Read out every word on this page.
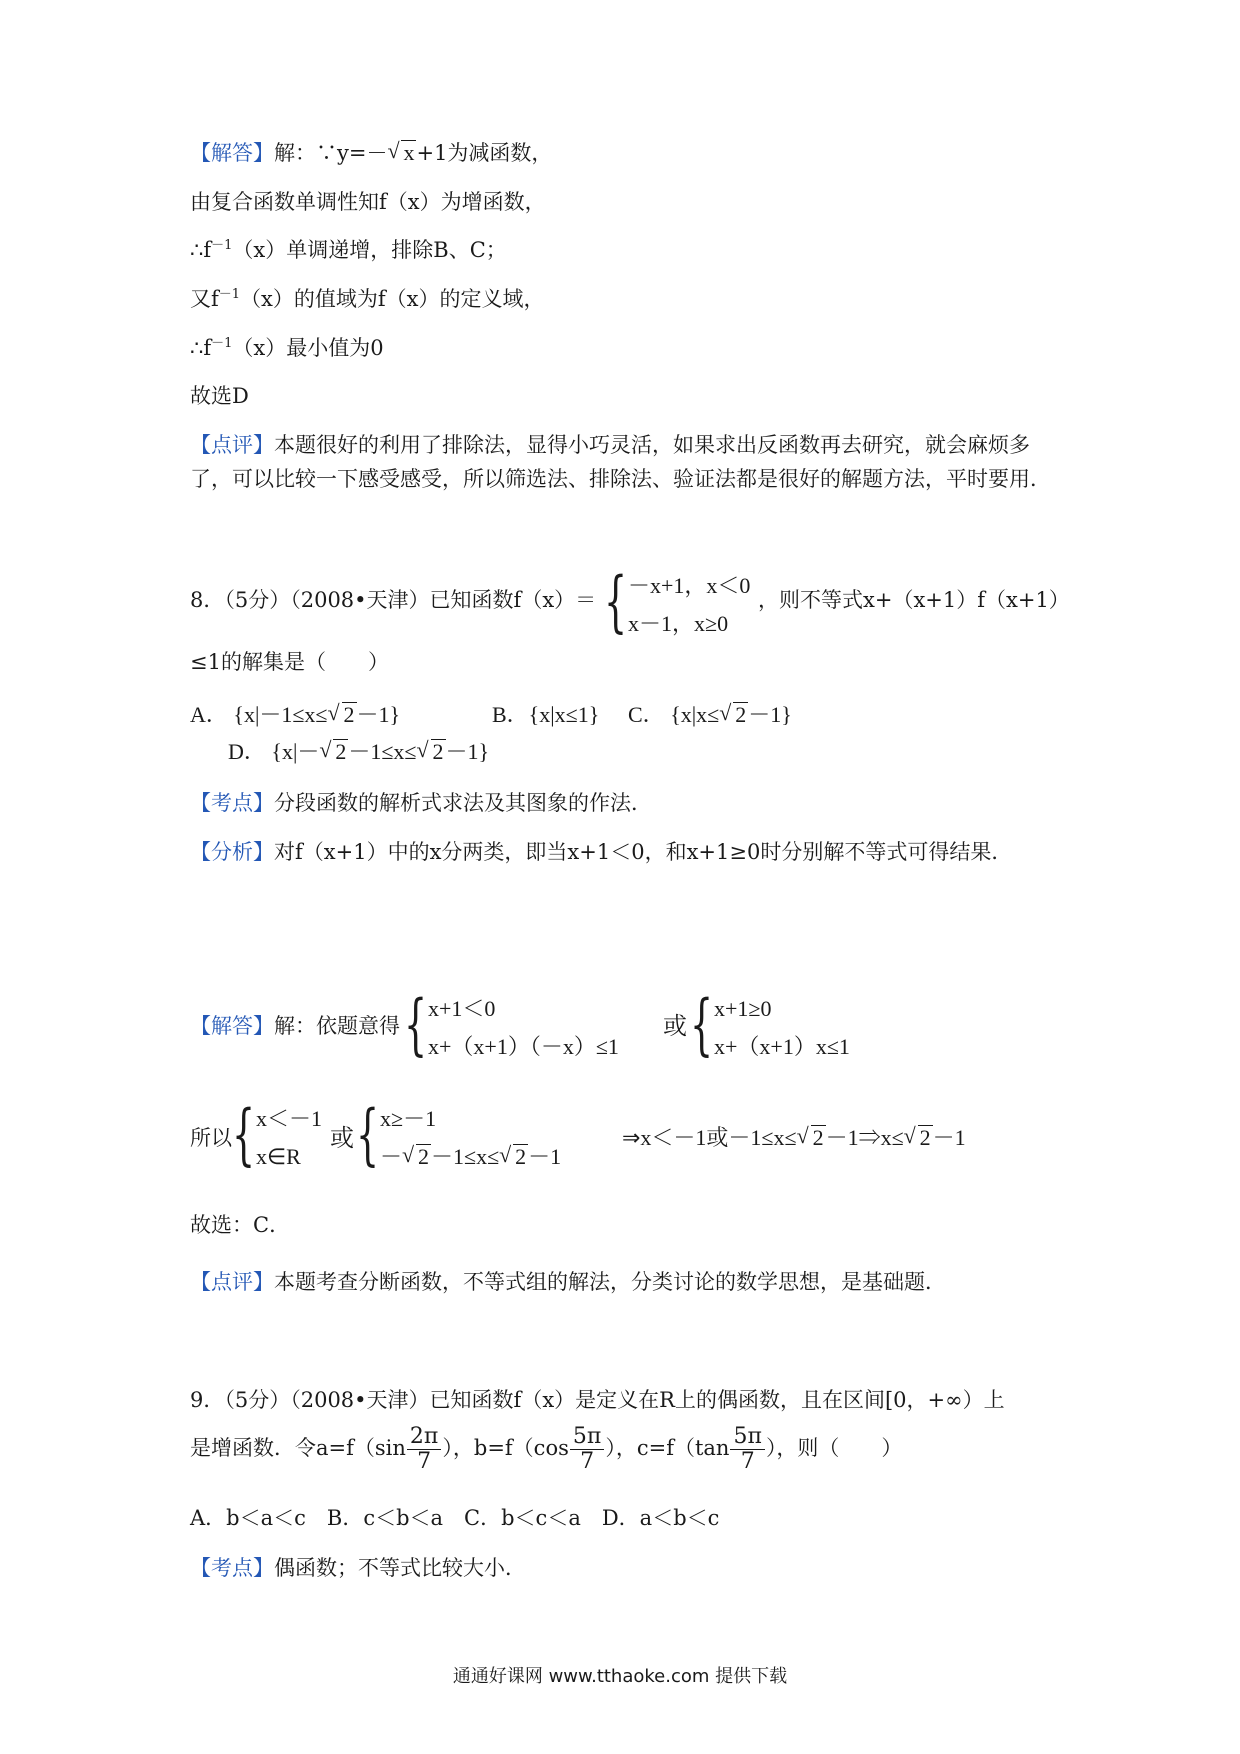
【解答】解：∵y=－ √ x+1为减函数，
由复合函数单调性知f（x）为增函数，
$\therefore f^{-1}(x)$单调递增，排除B、C；
又$f^{-1}(x)$的值域为f（x）的定义域，
$\therefore f^{-1}(x)$最小值为0
故选D
【点评】本题很好的利用了排除法，显得小巧灵活，如果求出反函数再去研究，就会麻烦多
了，可以比较一下感受感受，所以筛选法、排除法、验证法都是很好的解题方法，平时要用．
8．（5分）（2008•天津）已知函数f（x）＝ { －x+1，x＜0
x－1，x≥0
，则不等式x+（x+1）f（x+1）
≤1的解集是（　　）
A． {x|－1≤x≤ √ 2－1}	B．{x|x≤1} C． {x|x≤ √ 2－1}
D． {x|－ √ 2－1≤x≤ √ 2－1}
【考点】分段函数的解析式求法及其图象的作法．
【分析】对f（x+1）中的x分两类，即当x+1＜0，和x+1≥0时分别解不等式可得结果．
【解答】解：依题意得 { x+1＜0
x+（x+1）（－x）≤1
或 { x+1≥0
x+（x+1）x≤1
所以 { x＜－1
x∈R
或 { x≥－1
－ √ 2－1≤x≤ √ 2－1
⇒x＜－1或－1≤x≤ √ 2－1⇒x≤ √ 2－1
故选：C．
【点评】本题考查分断函数，不等式组的解法，分类讨论的数学思想，是基础题．
9．（5分）（2008•天津）已知函数f（x）是定义在R上的偶函数，且在区间[0，+∞）上
是增函数．令$a=f(\sin \frac{2\pi}{7}$ ），$b=f(\cos \frac{5\pi}{7}$ ），$c=f(\tan \frac{5\pi}{7}$ ），则（　　）
A．b＜a＜c　B．c＜b＜a　C．b＜c＜a　D．a＜b＜c
【考点】偶函数；不等式比较大小．
通通好课网 www.tthaoke.com 提供下载
